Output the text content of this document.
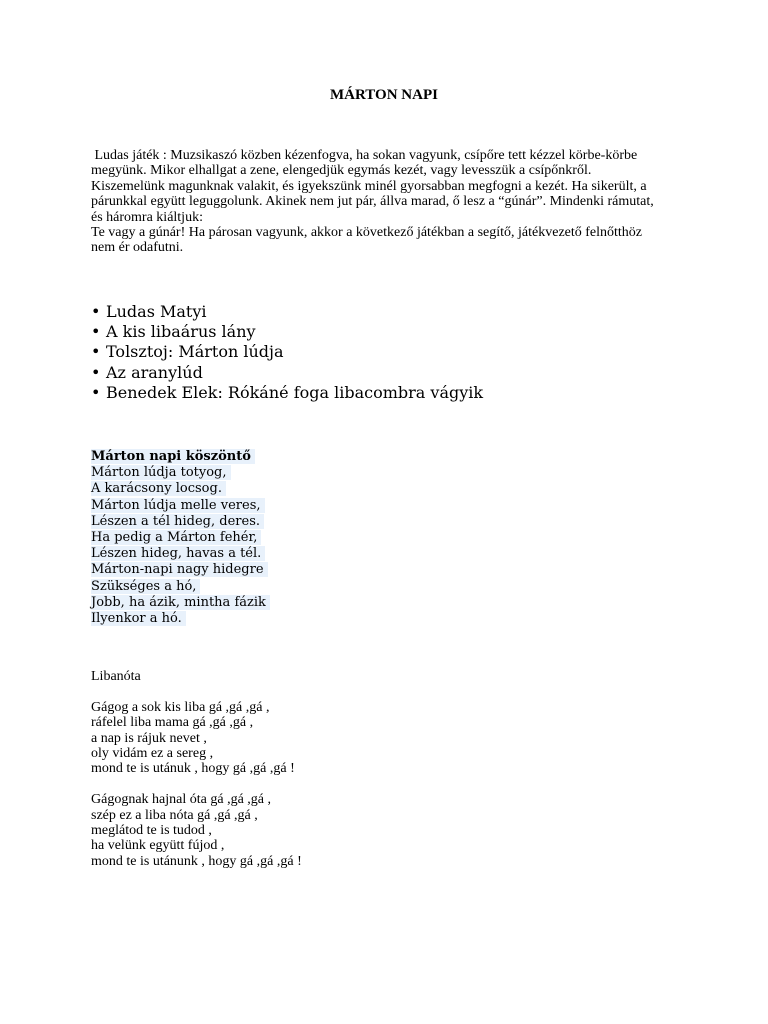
MÁRTON NAPI

Ludas játék : Muzsikaszó közben kézenfogva, ha sokan vagyunk, csípőre tett kézzel körbe-körbe

megyünk. Mikor elhallgat a zene, elengedjük egymás kezét, vagy levesszük a csípőnkről.

Kiszemelünk magunknak valakit, és igyekszünk minél gyorsabban megfogni a kezét. Ha sikerült, a

párunkkal együtt leguggolunk. Akinek nem jut pár, állva marad, ő lesz a “gúnár”. Mindenki rámutat,

és háromra kiáltjuk:

Te vagy a gúnár! Ha párosan vagyunk, akkor a következő játékban a segítő, játékvezető felnőtthöz

nem ér odafutni.

• Ludas Matyi
• A kis libaárus lány
• Tolsztoj: Márton lúdja
• Az aranylúd
• Benedek Elek: Rókáné foga libacombra vágyik
Márton napi köszöntő
Márton lúdja totyog,
A karácsony locsog.
Márton lúdja melle veres,
Lészen a tél hideg, deres.
Ha pedig a Márton fehér,
Lészen hideg, havas a tél.
Márton-napi nagy hidegre
Szükséges a hó,
Jobb, ha ázik, mintha fázik
Ilyenkor a hó.
Libanóta
Gágog a sok kis liba gá ,gá ,gá ,
ráfelel liba mama gá ,gá ,gá ,
a nap is rájuk nevet ,
oly vidám ez a sereg ,
mond te is utánuk , hogy gá ,gá ,gá !
Gágognak hajnal óta gá ,gá ,gá ,
szép ez a liba nóta gá ,gá ,gá ,
meglátod te is tudod ,
ha velünk együtt fújod ,
mond te is utánunk , hogy gá ,gá ,gá !
